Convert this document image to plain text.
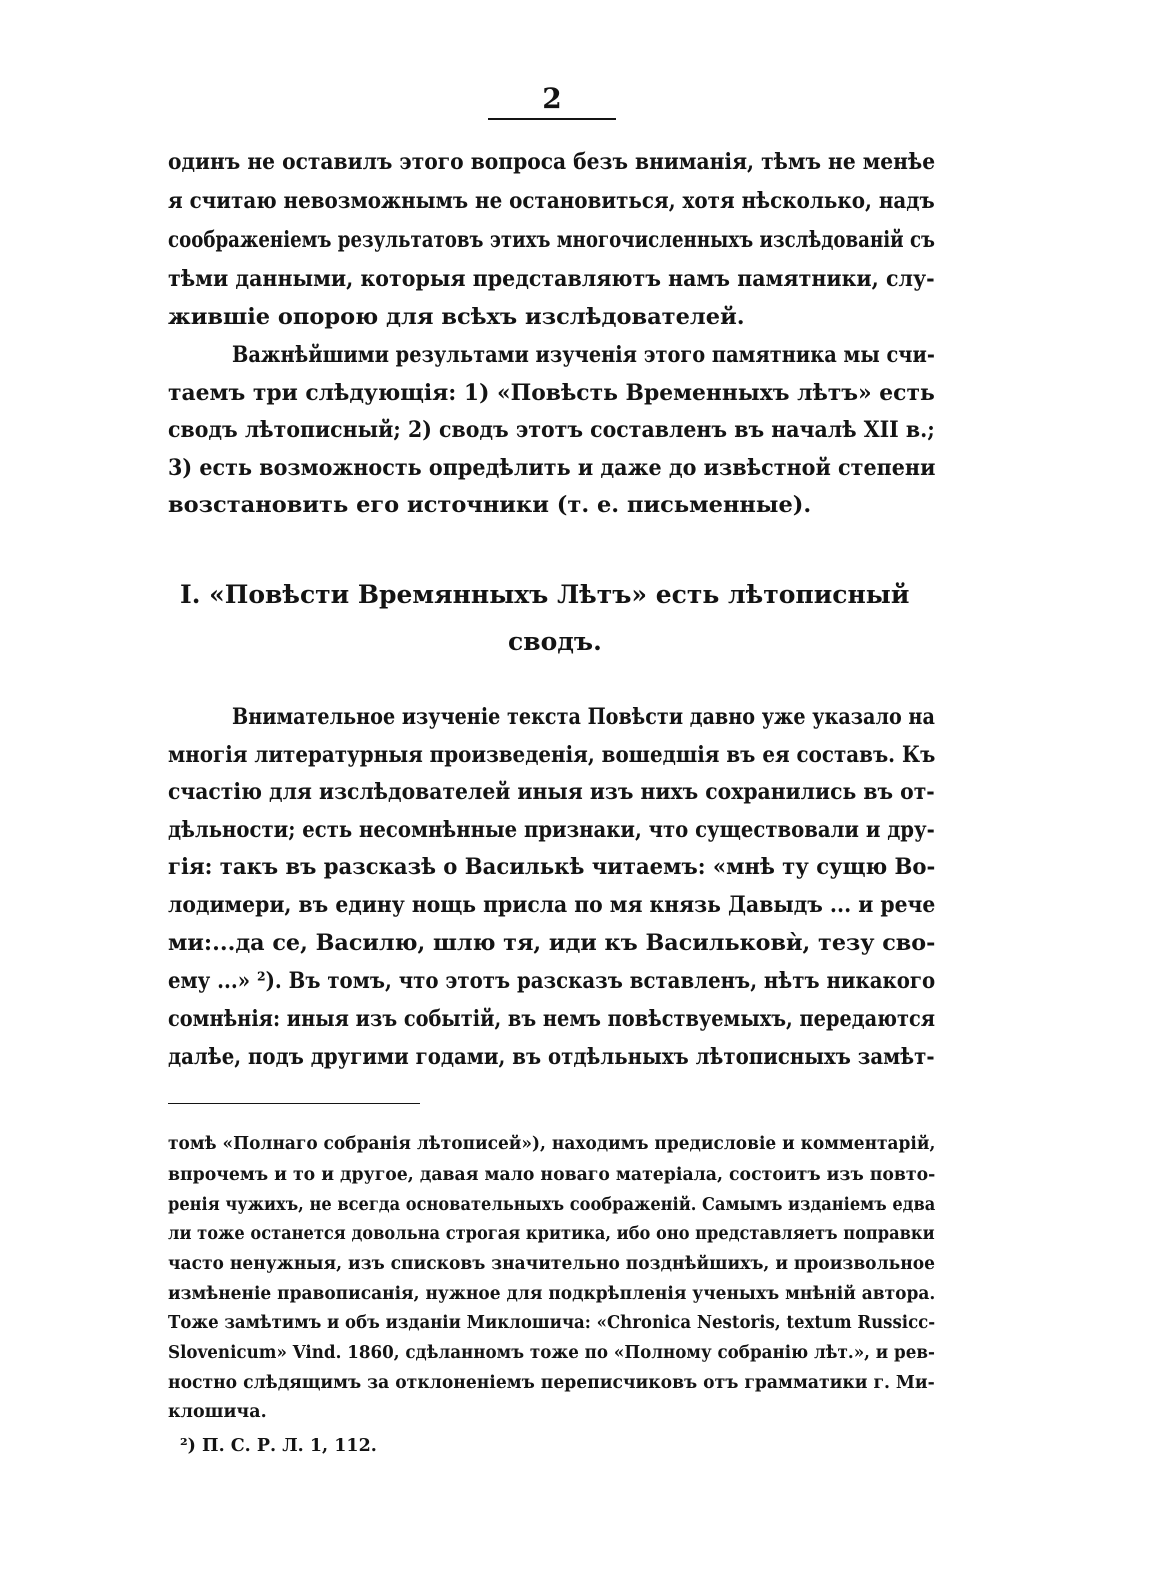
2
одинъ не оставилъ этого вопроса безъ вниманія, тѣмъ не менѣе
я считаю невозможнымъ не остановиться, хотя нѣсколько, надъ
соображеніемъ результатовъ этихъ многочисленныхъ изслѣдованій съ
тѣми данными, которыя представляютъ намъ памятники, слу-
жившіе опорою для всѣхъ изслѣдователей.
Важнѣйшими результами изученія этого памятника мы счи-
таемъ три слѣдующія: 1) «Повѣсть Временныхъ лѣтъ» есть
сводъ лѣтописный; 2) сводъ этотъ составленъ въ началѣ XII в.;
3) есть возможность опредѣлить и даже до извѣстной степени
возстановить его источники (т. е. письменные).
I. «Повѣсти Времянныхъ Лѣтъ» есть лѣтописный
сводъ.
Внимательное изученіе текста Повѣсти давно уже указало на
многія литературныя произведенія, вошедшія въ ея составъ. Къ
счастію для изслѣдователей иныя изъ нихъ сохранились въ от-
дѣльности; есть несомнѣнные признаки, что существовали и дру-
гія: такъ въ разсказѣ о Василькѣ читаемъ: «мнѣ ту сущю Во-
лодимери, въ едину нощь присла по мя князь Давыдъ ... и рече
ми:...да се, Василю, шлю тя, иди къ Васильковѝ, тезу сво-
ему ...» ²). Въ томъ, что этотъ разсказъ вставленъ, нѣтъ никакого
сомнѣнія: иныя изъ событій, въ немъ повѣствуемыхъ, передаются
далѣе, подъ другими годами, въ отдѣльныхъ лѣтописныхъ замѣт-
томѣ «Полнаго собранія лѣтописей»), находимъ предисловіе и комментарій,
впрочемъ и то и другое, давая мало новаго матеріала, состоитъ изъ повто-
ренія чужихъ, не всегда основательныхъ соображеній. Самымъ изданіемъ едва
ли тоже останется довольна строгая критика, ибо оно представляетъ поправки
часто ненужныя, изъ списковъ значительно позднѣйшихъ, и произвольное
измѣненіе правописанія, нужное для подкрѣпленія ученыхъ мнѣній автора.
Тоже замѣтимъ и объ изданіи Миклошича: «Chronica Nestoris, textum Russicc-
Slovenicum» Vind. 1860, сдѣланномъ тоже по «Полному собранію лѣт.», и рев-
ностно слѣдящимъ за отклоненіемъ переписчиковъ отъ грамматики г. Ми-
клошича.
²) П. С. Р. Л. 1, 112.
